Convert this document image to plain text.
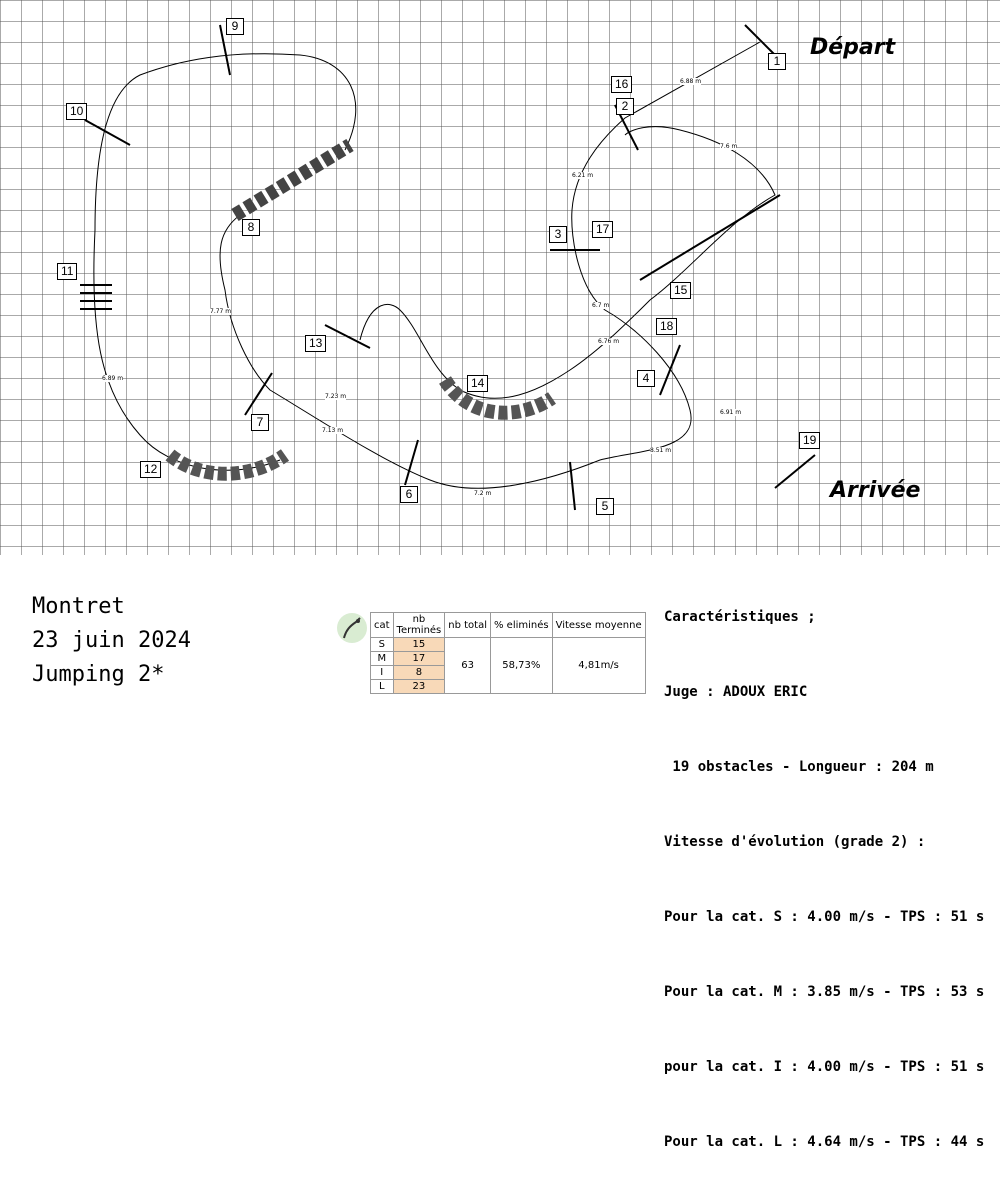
1
2
3
4
5
6
7
8
9
10
11
12
13
14
15
16
17
18
19
6.88 m
7.6 m
6.21 m
6.7 m
6.76 m
6.91 m
8.51 m
7.2 m
7.13 m
7.23 m
7.77 m
6.89 m
Départ
Arrivée
Montret
23 juin 2024
Jumping 2*
cat	nb Terminés	nb total	% eliminés	Vitesse moyenne
S	15	63	58,73%	4,81m/s
M	17			
I	8			
L	23			

Caractéristiques ;

Juge : ADOUX ERIC

19 obstacles - Longueur : 204 m

Vitesse d'évolution (grade 2) :

Pour la cat. S : 4.00 m/s - TPS : 51 s

Pour la cat. M : 3.85 m/s - TPS : 53 s

pour la cat. I : 4.00 m/s - TPS : 51 s

Pour la cat. L : 4.64 m/s - TPS : 44 s
